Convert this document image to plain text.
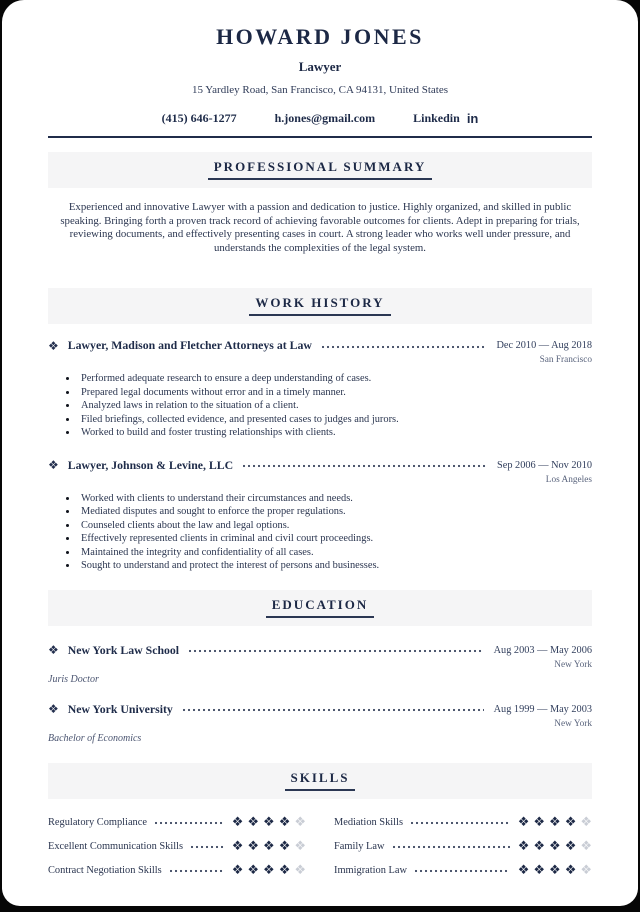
HOWARD JONES
Lawyer
15 Yardley Road, San Francisco, CA 94131, United States
(415) 646-1277	h.jones@gmail.com	Linkedin in
PROFESSIONAL SUMMARY

Experienced and innovative Lawyer with a passion and dedication to justice. Highly organized, and skilled in public speaking. Bringing forth a proven track record of achieving favorable outcomes for clients. Adept in preparing for trials, reviewing documents, and effectively presenting cases in court. A strong leader who works well under pressure, and understands the complexities of the legal system.

WORK HISTORY
❖ Lawyer, Madison and Fletcher Attorneys at Law	Dec 2010 — Aug 2018
San Francisco
• Performed adequate research to ensure a deep understanding of cases.
• Prepared legal documents without error and in a timely manner.
• Analyzed laws in relation to the situation of a client.
• Filed briefings, collected evidence, and presented cases to judges and jurors.
• Worked to build and foster trusting relationships with clients.
❖ Lawyer, Johnson & Levine, LLC	Sep 2006 — Nov 2010
Los Angeles
• Worked with clients to understand their circumstances and needs.
• Mediated disputes and sought to enforce the proper regulations.
• Counseled clients about the law and legal options.
• Effectively represented clients in criminal and civil court proceedings.
• Maintained the integrity and confidentiality of all cases.
• Sought to understand and protect the interest of persons and businesses.
EDUCATION
❖ New York Law School	Aug 2003 — May 2006
New York
Juris Doctor
❖ New York University	Aug 1999 — May 2003
New York
Bachelor of Economics
SKILLS
Regulatory Compliance	❖ ❖ ❖ ❖ ❖	Mediation Skills	❖ ❖ ❖ ❖ ❖
Excellent Communication Skills	❖ ❖ ❖ ❖ ❖	Family Law	❖ ❖ ❖ ❖ ❖
Contract Negotiation Skills	❖ ❖ ❖ ❖ ❖	Immigration Law	❖ ❖ ❖ ❖ ❖
